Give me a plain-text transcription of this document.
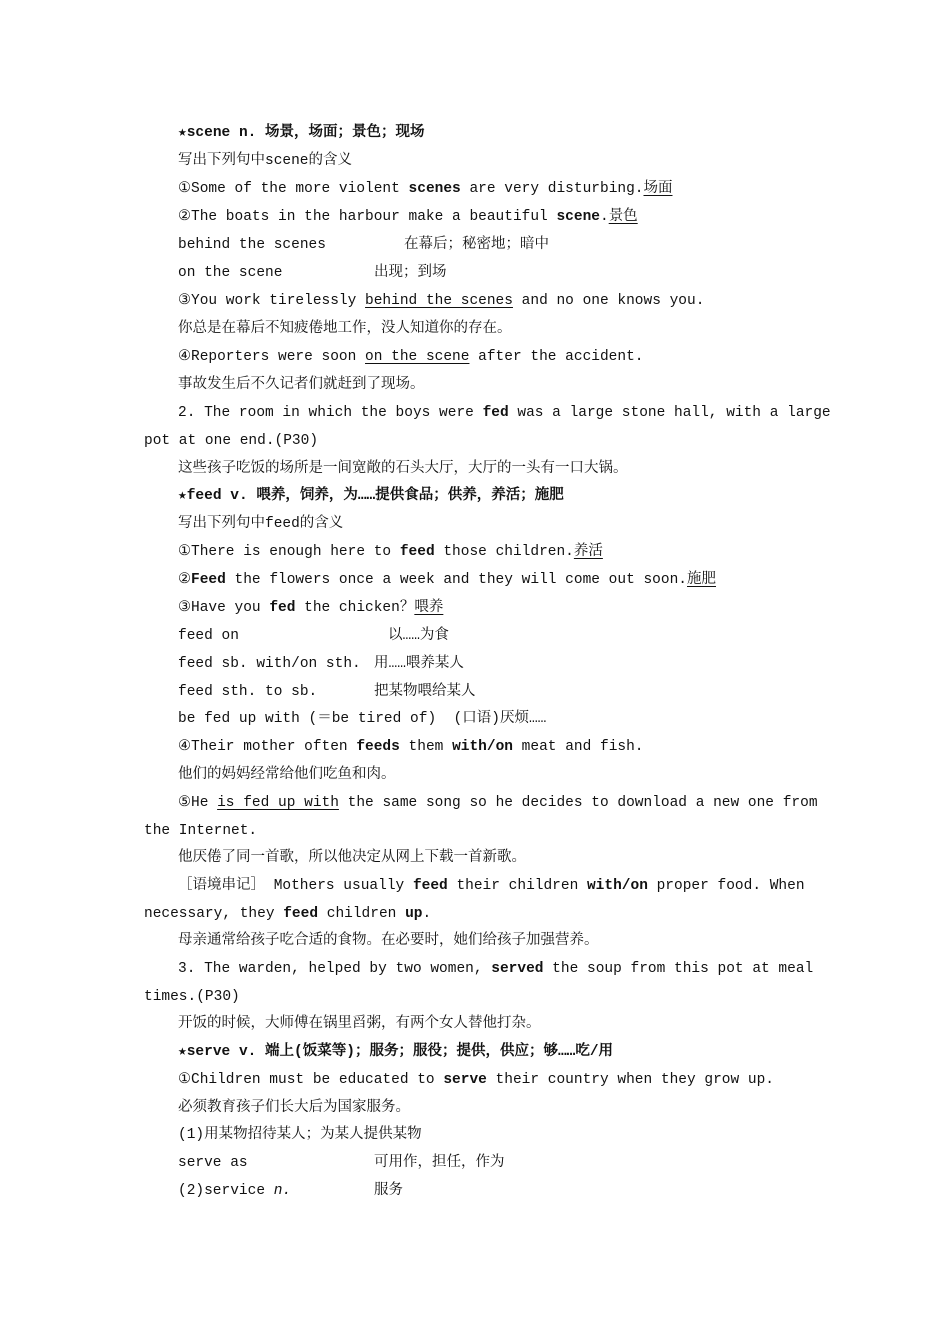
★scene n. 场景，场面；景色；现场
写出下列句中scene的含义
①Some of the more violent scenes are very disturbing.场面
②The boats in the harbour make a beautiful scene.景色
behind the scenes	在幕后；秘密地；暗中
on the scene	出现；到场
③You work tirelessly behind the scenes and no one knows you.
你总是在幕后不知疲倦地工作，没人知道你的存在。
④Reporters were soon on the scene after the accident.
事故发生后不久记者们就赶到了现场。
2. The room in which the boys were fed was a large stone hall, with a large
pot at one end.(P30)
这些孩子吃饭的场所是一间宽敞的石头大厅，大厅的一头有一口大锅。
★feed v. 喂养，饲养，为……提供食品；供养，养活；施肥
写出下列句中feed的含义
①There is enough here to feed those children.养活
②Feed the flowers once a week and they will come out soon.施肥
③Have you fed the chicken？喂养
feed on	以……为食
feed sb. with/on sth. 用……喂养某人
feed sth. to sb.	把某物喂给某人
be fed up with (＝be tired of)  (口语)厌烦……
④Their mother often feeds them with/on meat and fish.
他们的妈妈经常给他们吃鱼和肉。
⑤He is fed up with the same song so he decides to download a new one from
the Internet.
他厌倦了同一首歌，所以他决定从网上下载一首新歌。
［语境串记］ Mothers usually feed their children with/on proper food. When
necessary, they feed children up.
母亲通常给孩子吃合适的食物。在必要时，她们给孩子加强营养。
3. The warden, helped by two women, served the soup from this pot at meal
times.(P30)
开饭的时候，大师傅在锅里舀粥，有两个女人替他打杂。
★serve v. 端上(饭菜等)；服务；服役；提供，供应；够……吃/用
①Children must be educated to serve their country when they grow up.
必须教育孩子们长大后为国家服务。
(1)用某物招待某人；为某人提供某物
serve as	可用作，担任，作为
(2)service n.	服务
